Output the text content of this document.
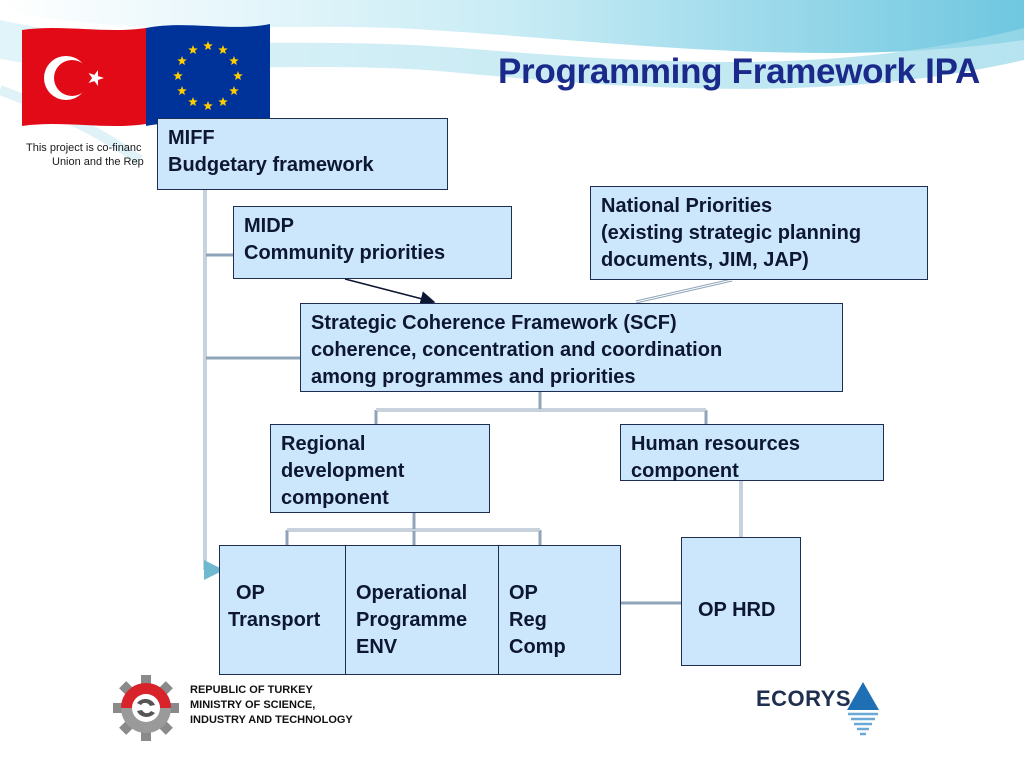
Programming Framework IPA
This project is co-financ
Union and the Rep
MIFF
Budgetary framework
MIDP
Community priorities
National Priorities
(existing strategic planning
documents, JIM, JAP)
Strategic Coherence Framework (SCF)
coherence, concentration and coordination
among programmes and priorities
Regional
development
component
Human resources
component
OP
Transport
Operational
Programme
ENV
OP
Reg
Comp
OP HRD
REPUBLIC OF TURKEY
MINISTRY OF SCIENCE,
INDUSTRY AND TECHNOLOGY
ECORYS
